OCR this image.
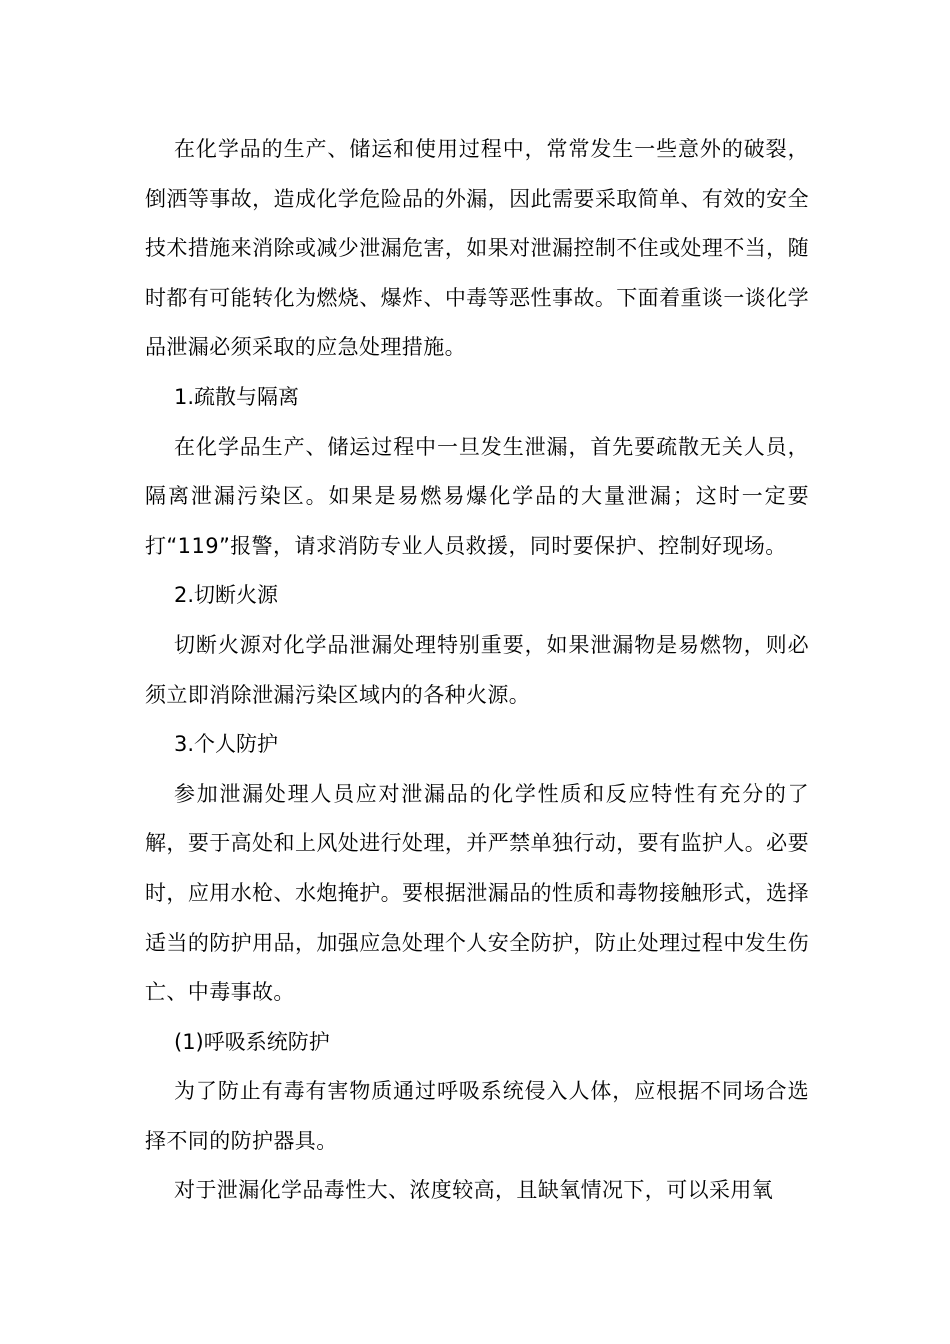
在化学品的生产、储运和使用过程中，常常发生一些意外的破裂，倒洒等事故，造成化学危险品的外漏，因此需要采取简单、有效的安全技术措施来消除或减少泄漏危害，如果对泄漏控制不住或处理不当，随时都有可能转化为燃烧、爆炸、中毒等恶性事故。下面着重谈一谈化学品泄漏必须采取的应急处理措施。

1.疏散与隔离

在化学品生产、储运过程中一旦发生泄漏，首先要疏散无关人员，隔离泄漏污染区。如果是易燃易爆化学品的大量泄漏；这时一定要打“119”报警，请求消防专业人员救援，同时要保护、控制好现场。

2.切断火源

切断火源对化学品泄漏处理特别重要，如果泄漏物是易燃物，则必须立即消除泄漏污染区域内的各种火源。

3.个人防护

参加泄漏处理人员应对泄漏品的化学性质和反应特性有充分的了解，要于高处和上风处进行处理，并严禁单独行动，要有监护人。必要时，应用水枪、水炮掩护。要根据泄漏品的性质和毒物接触形式，选择适当的防护用品，加强应急处理个人安全防护，防止处理过程中发生伤亡、中毒事故。

(1)呼吸系统防护

为了防止有毒有害物质通过呼吸系统侵入人体，应根据不同场合选择不同的防护器具。

对于泄漏化学品毒性大、浓度较高，且缺氧情况下，可以采用氧
